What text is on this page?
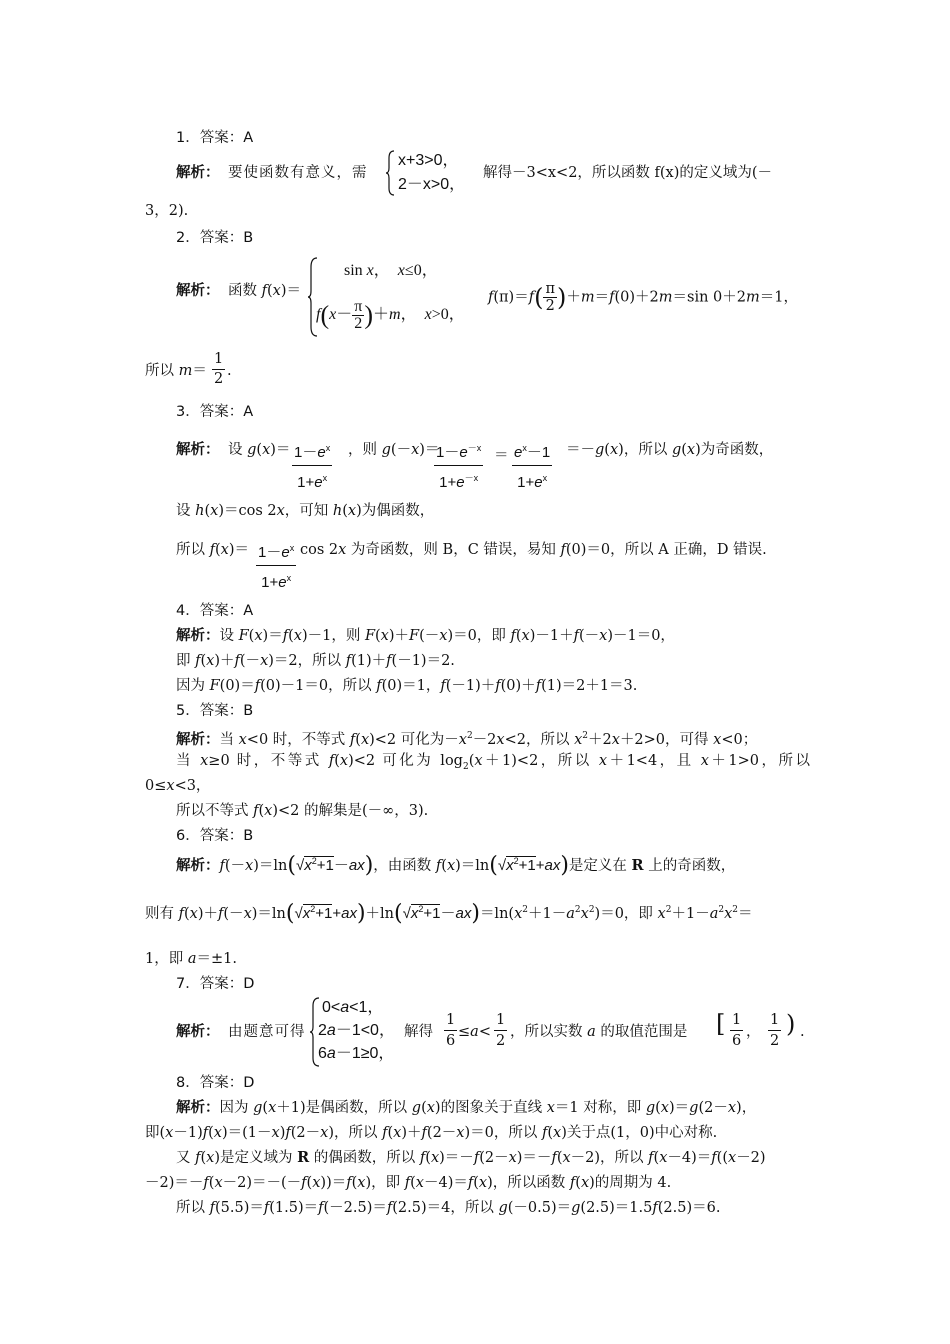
1．答案：A
解析： 要使函数有意义，需
x+3>0，
2－x>0，
解得－3<x<2，所以函数 f(x)的定义域为(－
3，2).
2．答案：B
解析： 函数 f(x)＝
sin x，  x≤0，
$f(x- \frac{\pi}{2} )+m$，  x>0，
$f(\pi)=f( \frac{\pi}{2} )+m=f(0)+2m=\sin$ 0＋2m＝1，
所以 m＝
1
2 .
3．答案：A
解析： 设 $g(x)= 1-e^x$
$1+e^x$
，则 g(－x)＝
$1-e^{-x}$
$1+e^{-x}$
＝ $e^x-1$
$1+e^x$
＝－g(x)，所以 g(x)为奇函数，
设 h(x)＝cos 2x，可知 h(x)为偶函数，
所以 $f(x)= 1-e^x$
$1+e^x$
cos 2x 为奇函数，则 B，C 错误，易知 f(0)＝0，所以 A 正确，D 错误.
4．答案：A
解析：设 F(x)＝f(x)－1，则 F(x)＋F(－x)＝0，即 f(x)－1＋f(－x)－1＝0，
即 f(x)＋f(－x)＝2，所以 f(1)＋f(－1)＝2.
因为 F(0)＝f(0)－1＝0，所以 f(0)＝1，f(－1)＋f(0)＋f(1)＝2＋1＝3.
5．答案：B
解析：当 x<0 时，不等式 f(x)<2 可化为$-x^2-2x<2$，所以 $x^2+2x+2>0$，可得 x<0；
当 x≥0 时，不等式 f(x)<2 可化为 $\log_2(x+1)<2$，所以 x＋1<4，且 x＋1>0，所以
0≤x<3，
所以不等式 f(x)<2 的解集是(－∞，3).
6．答案：B
解析：$f(-x)=\ln(√x^2+1-ax)$，由函数 $f(x)=\ln(√x^2+1+ax)$是定义在 R 上的奇函数，
则有 $f(x)+f(-x)=\ln(√x^2+1+ax)+\ln(√x^2+1-ax)=\ln(x^2+1-a^2x^2)=0$，即 $x^2+1-a^2x^2=$
1，即 a＝±1.
7．答案：D
解析： 由题意可得
0<a<1，
2a－1<0，
6a－1≥0，
解得
1
6
≤a<
1
2
，所以实数 a 的取值范围是 [ 1
6
，
1
2
) .
8．答案：D
解析：因为 g(x＋1)是偶函数，所以 g(x)的图象关于直线 x＝1 对称，即 g(x)＝g(2－x)，
即(x－1)f(x)＝(1－x)f(2－x)，所以 f(x)＋f(2－x)＝0，所以 f(x)关于点(1，0)中心对称.
又 f(x)是定义域为 R 的偶函数，所以 f(x)＝－f(2－x)＝－f(x－2)，所以 f(x－4)＝f((x－2)
－2)＝－f(x－2)＝－(－f(x))＝f(x)，即 f(x－4)＝f(x)，所以函数 f(x)的周期为 4.
所以 f(5.5)＝f(1.5)＝f(－2.5)＝f(2.5)＝4，所以 g(－0.5)＝g(2.5)＝1.5f(2.5)＝6.
